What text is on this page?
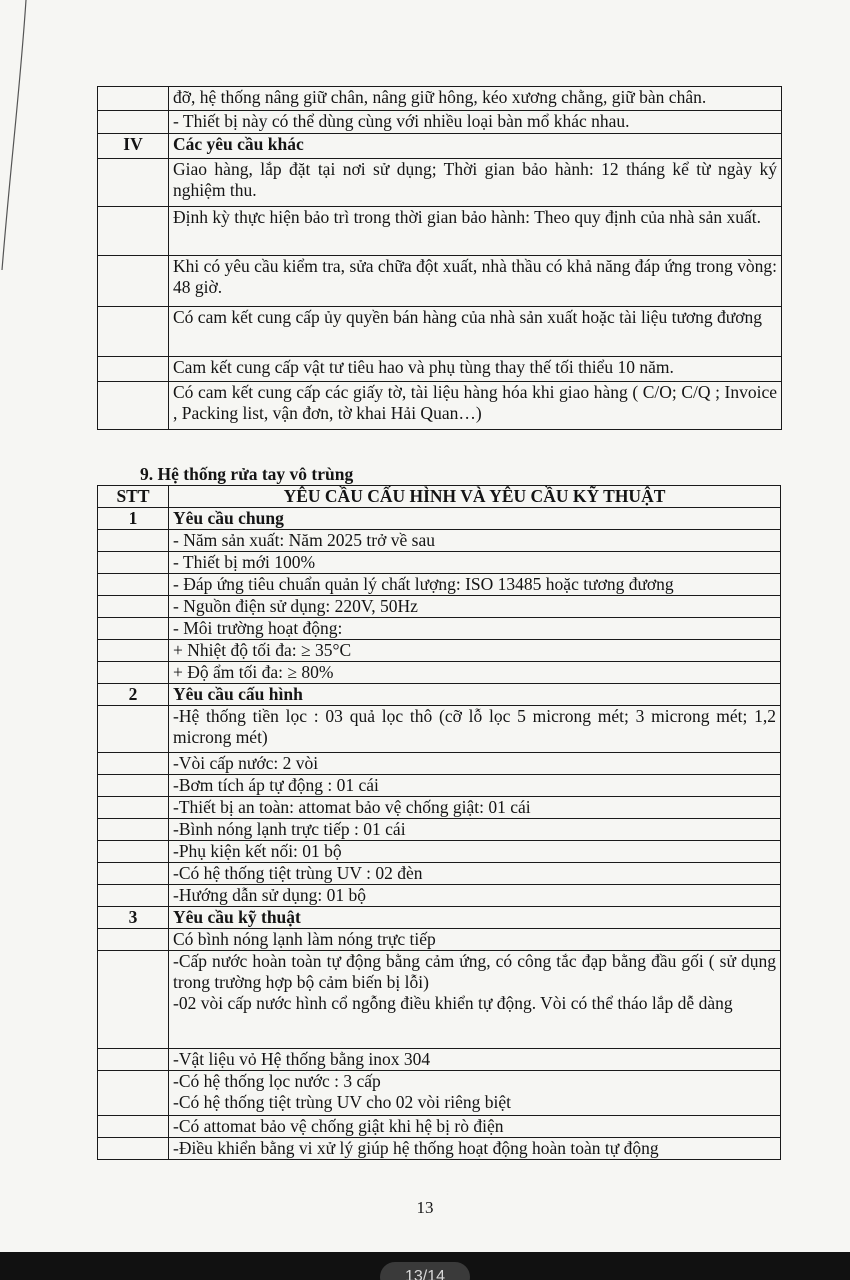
	đỡ, hệ thống nâng giữ chân, nâng giữ hông, kéo xương chằng, giữ bàn chân.
	- Thiết bị này có thể dùng cùng với nhiều loại bàn mổ khác nhau.
IV	Các yêu cầu khác
	Giao hàng, lắp đặt tại nơi sử dụng; Thời gian bảo hành: 12 tháng kể từ ngày ký nghiệm thu.
	Định kỳ thực hiện bảo trì trong thời gian bảo hành: Theo quy định của nhà sản xuất.
	Khi có yêu cầu kiểm tra, sửa chữa đột xuất, nhà thầu có khả năng đáp ứng trong vòng: 48 giờ.
	Có cam kết cung cấp ủy quyền bán hàng của nhà sản xuất hoặc tài liệu tương đương
	Cam kết cung cấp vật tư tiêu hao và phụ tùng thay thế tối thiểu 10 năm.
	Có cam kết cung cấp các giấy tờ, tài liệu hàng hóa khi giao hàng ( C/O; C/Q ; Invoice , Packing list, vận đơn, tờ khai Hải Quan…)
9. Hệ thống rửa tay vô trùng
STT	YÊU CẦU CẤU HÌNH VÀ YÊU CẦU KỸ THUẬT
1	Yêu cầu chung
	- Năm sản xuất: Năm 2025 trở về sau
	- Thiết bị mới 100%
	- Đáp ứng tiêu chuẩn quản lý chất lượng: ISO 13485 hoặc tương đương
	- Nguồn điện sử dụng: 220V, 50Hz
	- Môi trường hoạt động:
	+ Nhiệt độ tối đa: ≥ 35°C
	+ Độ ẩm tối đa: ≥ 80%
2	Yêu cầu cấu hình
	-Hệ thống tiền lọc : 03 quả lọc thô (cỡ lỗ lọc 5 microng mét; 3 microng mét; 1,2 microng mét)
	-Vòi cấp nước: 2 vòi
	-Bơm tích áp tự động : 01 cái
	-Thiết bị an toàn: attomat bảo vệ chống giật: 01 cái
	-Bình nóng lạnh trực tiếp : 01 cái
	-Phụ kiện kết nối: 01 bộ
	-Có hệ thống tiệt trùng UV : 02 đèn
	-Hướng dẫn sử dụng: 01 bộ
3	Yêu cầu kỹ thuật
	Có bình nóng lạnh làm nóng trực tiếp
	-Cấp nước hoàn toàn tự động bằng cảm ứng, có công tắc đạp bằng đầu gối ( sử dụng trong trường hợp bộ cảm biến bị lỗi)
-02 vòi cấp nước hình cổ ngỗng điều khiển tự động. Vòi có thể tháo lắp dễ dàng
	-Vật liệu vỏ Hệ thống bằng inox 304
	-Có hệ thống lọc nước : 3 cấp
-Có hệ thống tiệt trùng UV cho 02 vòi riêng biệt
	-Có attomat bảo vệ chống giật khi hệ bị rò điện
	-Điều khiển bằng vi xử lý giúp hệ thống hoạt động hoàn toàn tự động
13
13/14
